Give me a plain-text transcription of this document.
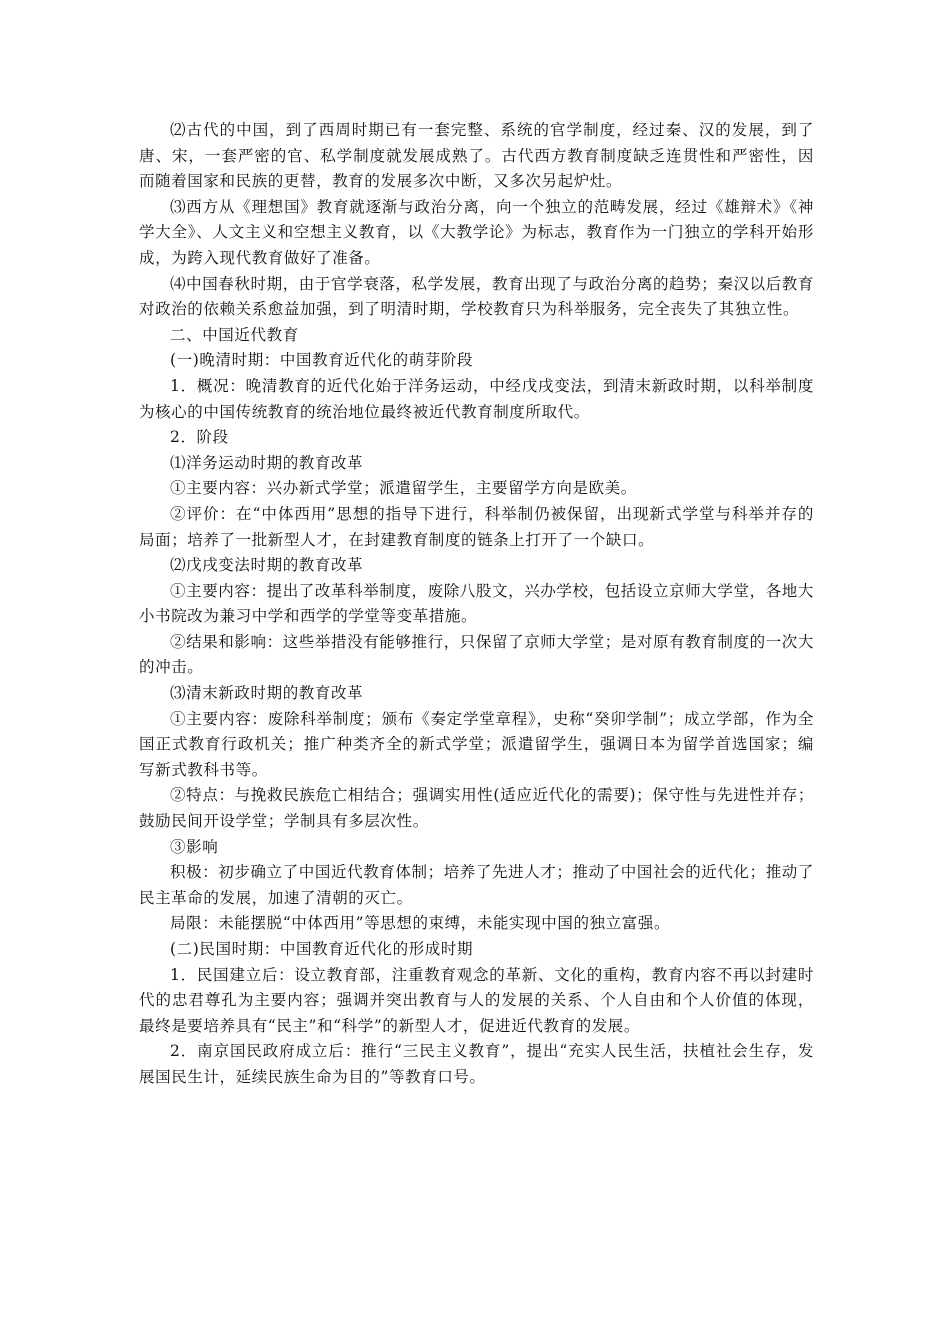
⑵古代的中国，到了西周时期已有一套完整、系统的官学制度，经过秦、汉的发展，到了唐、宋，一套严密的官、私学制度就发展成熟了。古代西方教育制度缺乏连贯性和严密性，因而随着国家和民族的更替，教育的发展多次中断，又多次另起炉灶。

⑶西方从《理想国》教育就逐渐与政治分离，向一个独立的范畴发展，经过《雄辩术》《神学大全》、人文主义和空想主义教育，以《大教学论》为标志，教育作为一门独立的学科开始形成，为跨入现代教育做好了准备。

⑷中国春秋时期，由于官学衰落，私学发展，教育出现了与政治分离的趋势；秦汉以后教育对政治的依赖关系愈益加强，到了明清时期，学校教育只为科举服务，完全丧失了其独立性。

二、中国近代教育

(一)晚清时期：中国教育近代化的萌芽阶段

1．概况：晚清教育的近代化始于洋务运动，中经戊戌变法，到清末新政时期，以科举制度为核心的中国传统教育的统治地位最终被近代教育制度所取代。

2．阶段

⑴洋务运动时期的教育改革

①主要内容：兴办新式学堂；派遣留学生，主要留学方向是欧美。

②评价：在“中体西用”思想的指导下进行，科举制仍被保留，出现新式学堂与科举并存的局面；培养了一批新型人才，在封建教育制度的链条上打开了一个缺口。

⑵戊戌变法时期的教育改革

①主要内容：提出了改革科举制度，废除八股文，兴办学校，包括设立京师大学堂，各地大小书院改为兼习中学和西学的学堂等变革措施。

②结果和影响：这些举措没有能够推行，只保留了京师大学堂；是对原有教育制度的一次大的冲击。

⑶清末新政时期的教育改革

①主要内容：废除科举制度；颁布《奏定学堂章程》，史称“癸卯学制”；成立学部，作为全国正式教育行政机关；推广种类齐全的新式学堂；派遣留学生，强调日本为留学首选国家；编写新式教科书等。

②特点：与挽救民族危亡相结合；强调实用性(适应近代化的需要)；保守性与先进性并存；鼓励民间开设学堂；学制具有多层次性。

③影响

积极：初步确立了中国近代教育体制；培养了先进人才；推动了中国社会的近代化；推动了民主革命的发展，加速了清朝的灭亡。

局限：未能摆脱“中体西用”等思想的束缚，未能实现中国的独立富强。

(二)民国时期：中国教育近代化的形成时期

1．民国建立后：设立教育部，注重教育观念的革新、文化的重构，教育内容不再以封建时代的忠君尊孔为主要内容；强调并突出教育与人的发展的关系、个人自由和个人价值的体现，最终是要培养具有“民主”和“科学”的新型人才，促进近代教育的发展。

2．南京国民政府成立后：推行“三民主义教育”，提出“充实人民生活，扶植社会生存，发展国民生计，延续民族生命为目的”等教育口号。
